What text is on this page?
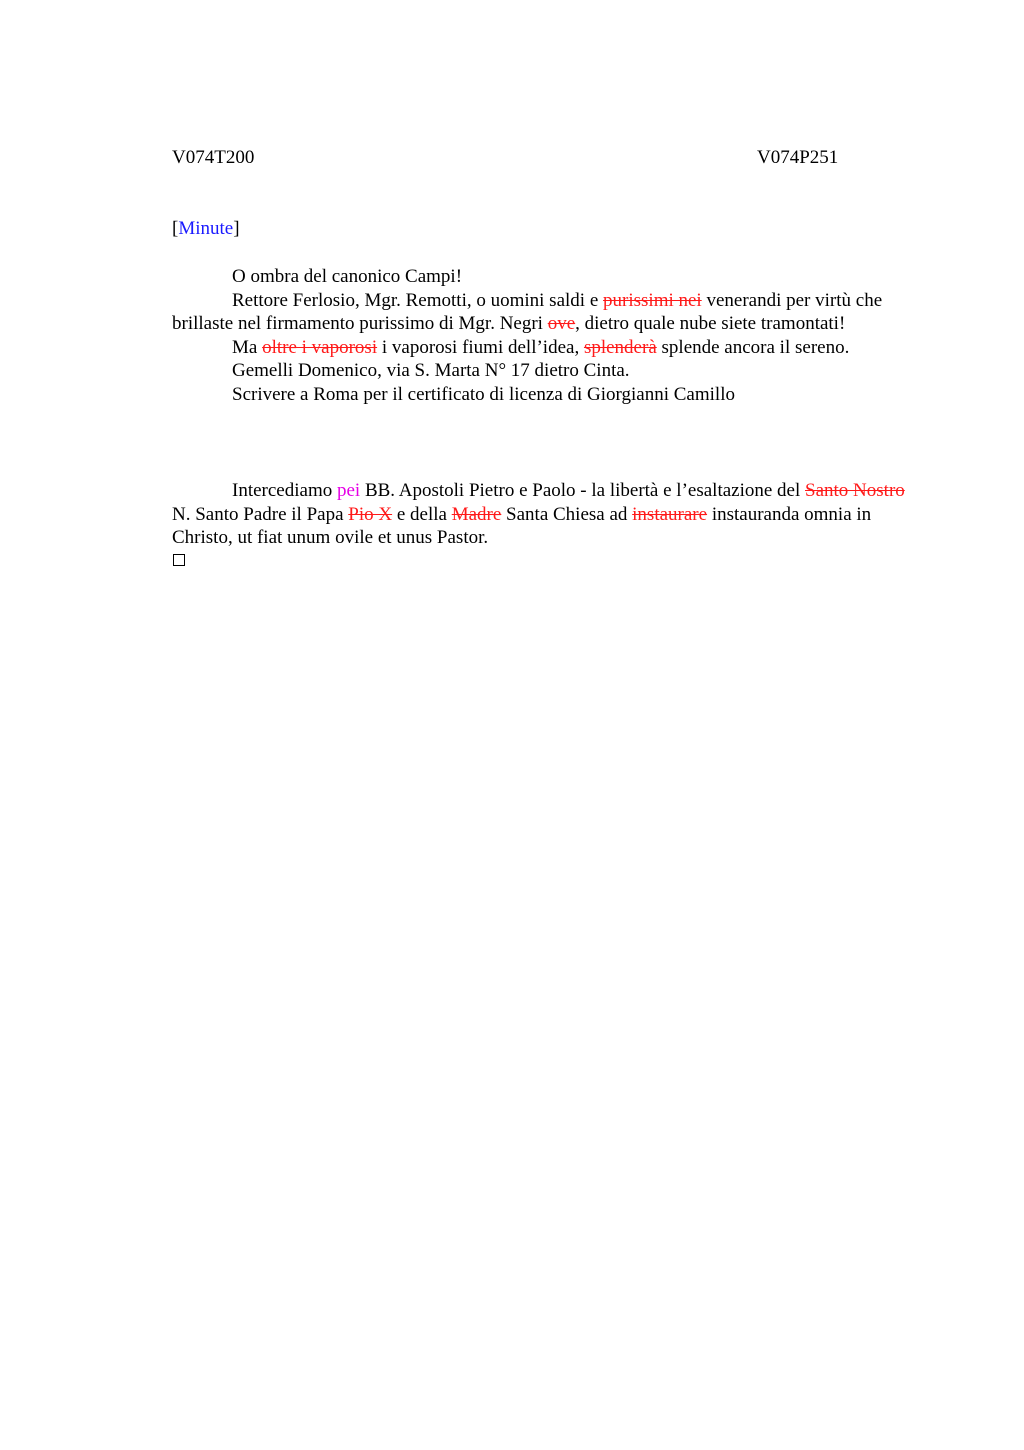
V074T200	V074P251
[Minute]

O ombra del canonico Campi!

Rettore Ferlosio, Mgr. Remotti, o uomini saldi e purissimi nei venerandi per virtù che brillaste nel firmamento purissimo di Mgr. Negri ove, dietro quale nube siete tramontati!

Ma oltre i vaporosi i vaporosi fiumi dell’idea, splenderà splende ancora il sereno.

Gemelli Domenico, via S. Marta N° 17 dietro Cinta.

Scrivere a Roma per il certificato di licenza di Giorgianni Camillo

Intercediamo pei BB. Apostoli Pietro e Paolo - la libertà e l’esaltazione del Santo Nostro N. Santo Padre il Papa Pio X e della Madre Santa Chiesa ad instaurare instauranda omnia in Christo, ut fiat unum ovile et unus Pastor.
